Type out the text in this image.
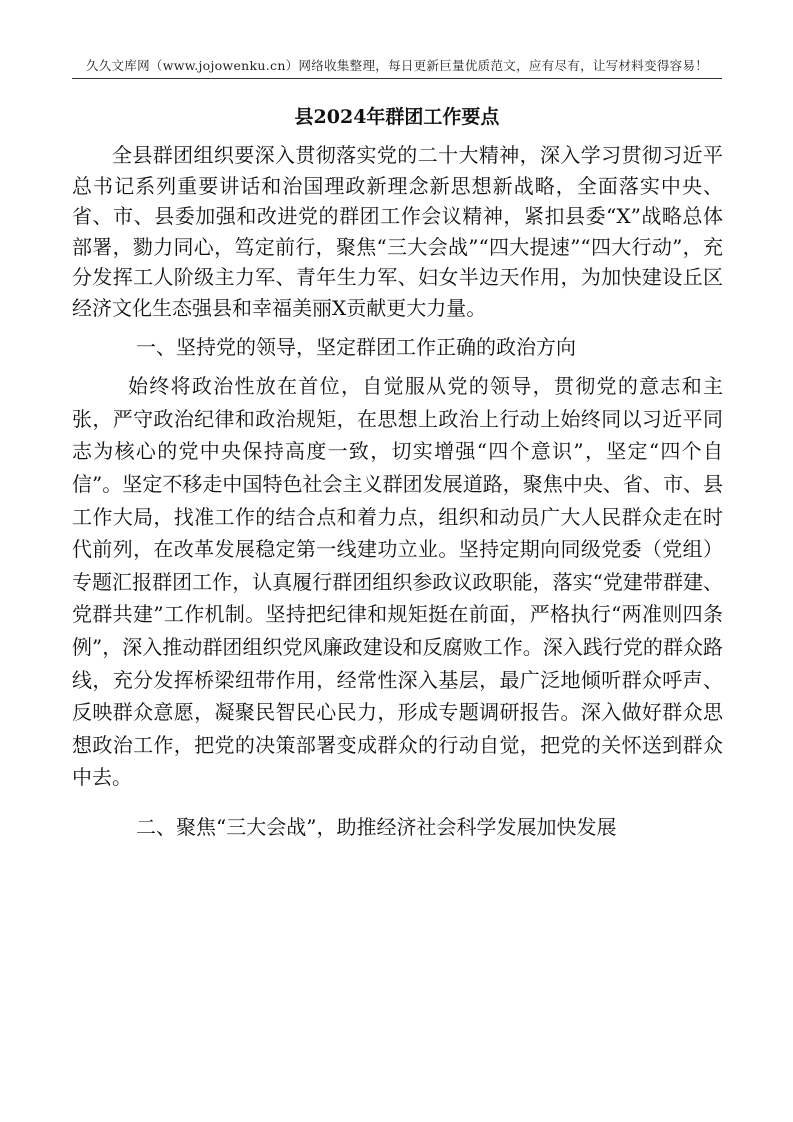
久久文库网（www.jojowenku.cn）网络收集整理，每日更新巨量优质范文，应有尽有，让写材料变得容易！
县2024年群团工作要点

全县群团组织要深入贯彻落实党的二十大精神，深入学习贯彻习近平总书记系列重要讲话和治国理政新理念新思想新战略，全面落实中央、省、市、县委加强和改进党的群团工作会议精神，紧扣县委“X”战略总体部署，勠力同心，笃定前行，聚焦“三大会战”“四大提速”“四大行动”，充分发挥工人阶级主力军、青年生力军、妇女半边天作用，为加快建设丘区经济文化生态强县和幸福美丽X贡献更大力量。

一、坚持党的领导，坚定群团工作正确的政治方向

始终将政治性放在首位，自觉服从党的领导，贯彻党的意志和主张，严守政治纪律和政治规矩，在思想上政治上行动上始终同以习近平同志为核心的党中央保持高度一致，切实增强“四个意识”，坚定“四个自信”。坚定不移走中国特色社会主义群团发展道路，聚焦中央、省、市、县工作大局，找准工作的结合点和着力点，组织和动员广大人民群众走在时代前列，在改革发展稳定第一线建功立业。坚持定期向同级党委（党组）专题汇报群团工作，认真履行群团组织参政议政职能，落实“党建带群建、党群共建”工作机制。坚持把纪律和规矩挺在前面，严格执行“两准则四条例”，深入推动群团组织党风廉政建设和反腐败工作。深入践行党的群众路线，充分发挥桥梁纽带作用，经常性深入基层，最广泛地倾听群众呼声、反映群众意愿，凝聚民智民心民力，形成专题调研报告。深入做好群众思想政治工作，把党的决策部署变成群众的行动自觉，把党的关怀送到群众中去。

二、聚焦“三大会战”，助推经济社会科学发展加快发展
